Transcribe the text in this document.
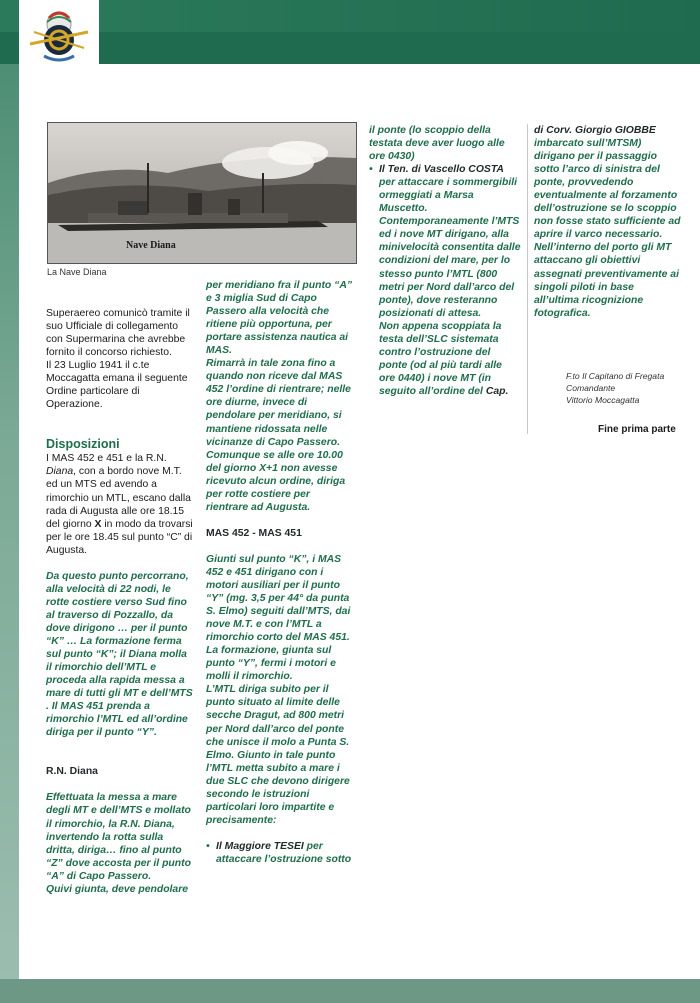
Nave Diana
La Nave Diana

Superaereo comunicò tramite il suo Ufficiale di collegamento con Supermarina che avrebbe fornito il concorso richiesto.

Il 23 Luglio 1941 il c.te Moccagatta emana il seguente Ordine particolare di Operazione.

Disposizioni

I MAS 452 e 451 e la R.N. Diana, con a bordo nove M.T. ed un MTS ed avendo a rimorchio un MTL, escano dalla rada di Augusta alle ore 18.15 del giorno X in modo da trovarsi per le ore 18.45 sul punto “C” di Augusta.

Da questo punto percorrano, alla velocità di 22 nodi, le rotte costiere verso Sud fino al traverso di Pozzallo, da dove dirigono … per il punto “K” … La formazione ferma sul punto “K”; il Diana molla il rimorchio dell’MTL e proceda alla rapida messa a mare di tutti gli MT e dell’MTS . Il MAS 451 prenda a rimorchio l’MTL ed all’ordine diriga per il punto “Y”.

R.N. Diana

Effettuata la messa a mare degli MT e dell’MTS e mollato il rimorchio, la R.N. Diana, invertendo la rotta sulla dritta, diriga… fino al punto “Z” dove accosta per il punto “A” di Capo Passero.
Quivi giunta, deve pendolare

per meridiano fra il punto “A” e 3 miglia Sud di Capo Passero alla velocità che ritiene più opportuna, per portare assistenza nautica ai MAS.
Rimarrà in tale zona fino a quando non riceve dal MAS 452 l’ordine di rientrare; nelle ore diurne, invece di pendolare per meridiano, si mantiene ridossata nelle vicinanze di Capo Passero.
Comunque se alle ore 10.00 del giorno X+1 non avesse ricevuto alcun ordine, diriga per rotte costiere per rientrare ad Augusta.

MAS 452 - MAS 451

Giunti sul punto “K”, i MAS 452 e 451 dirigano con i motori ausiliari per il punto “Y” (mg. 3,5 per 44° da punta S. Elmo) seguiti dall’MTS, dai nove M.T. e con l’MTL a rimorchio corto del MAS 451.
La formazione, giunta sul punto “Y”, fermi i motori e molli il rimorchio.
L’MTL diriga subito per il punto situato al limite delle secche Dragut, ad 800 metri per Nord dall’arco del ponte che unisce il molo a Punta S. Elmo. Giunto in tale punto l’MTL metta subito a mare i due SLC che devono dirigere secondo le istruzioni particolari loro impartite e precisamente:

• Il Maggiore TESEI per attaccare l’ostruzione sotto

il ponte (lo scoppio della testata deve aver luogo alle ore 0430)

• Il Ten. di Vascello COSTA per attaccare i sommergibili ormeggiati a Marsa Muscetto.
Contemporaneamente l’MTS ed i nove MT dirigano, alla minivelocità consentita dalle condizioni del mare, per lo stesso punto l’MTL (800 metri per Nord dall’arco del ponte), dove resteranno posizionati di attesa.
Non appena scoppiata la testa dell’SLC sistemata contro l’ostruzione del ponte (od al più tardi alle ore 0440) i nove MT (in seguito all’ordine del Cap.

di Corv. Giorgio GIOBBE imbarcato sull’MTSM) dirigano per il passaggio sotto l’arco di sinistra del ponte, provvedendo eventualmente al forzamento dell’ostruzione se lo scoppio non fosse stato sufficiente ad aprire il varco necessario.
Nell’interno del porto gli MT attaccano gli obiettivi assegnati preventivamente ai singoli piloti in base all’ultima ricognizione fotografica.

F.to Il Capitano di Fregata
Comandante
Vittorio Moccagatta
Fine prima parte
